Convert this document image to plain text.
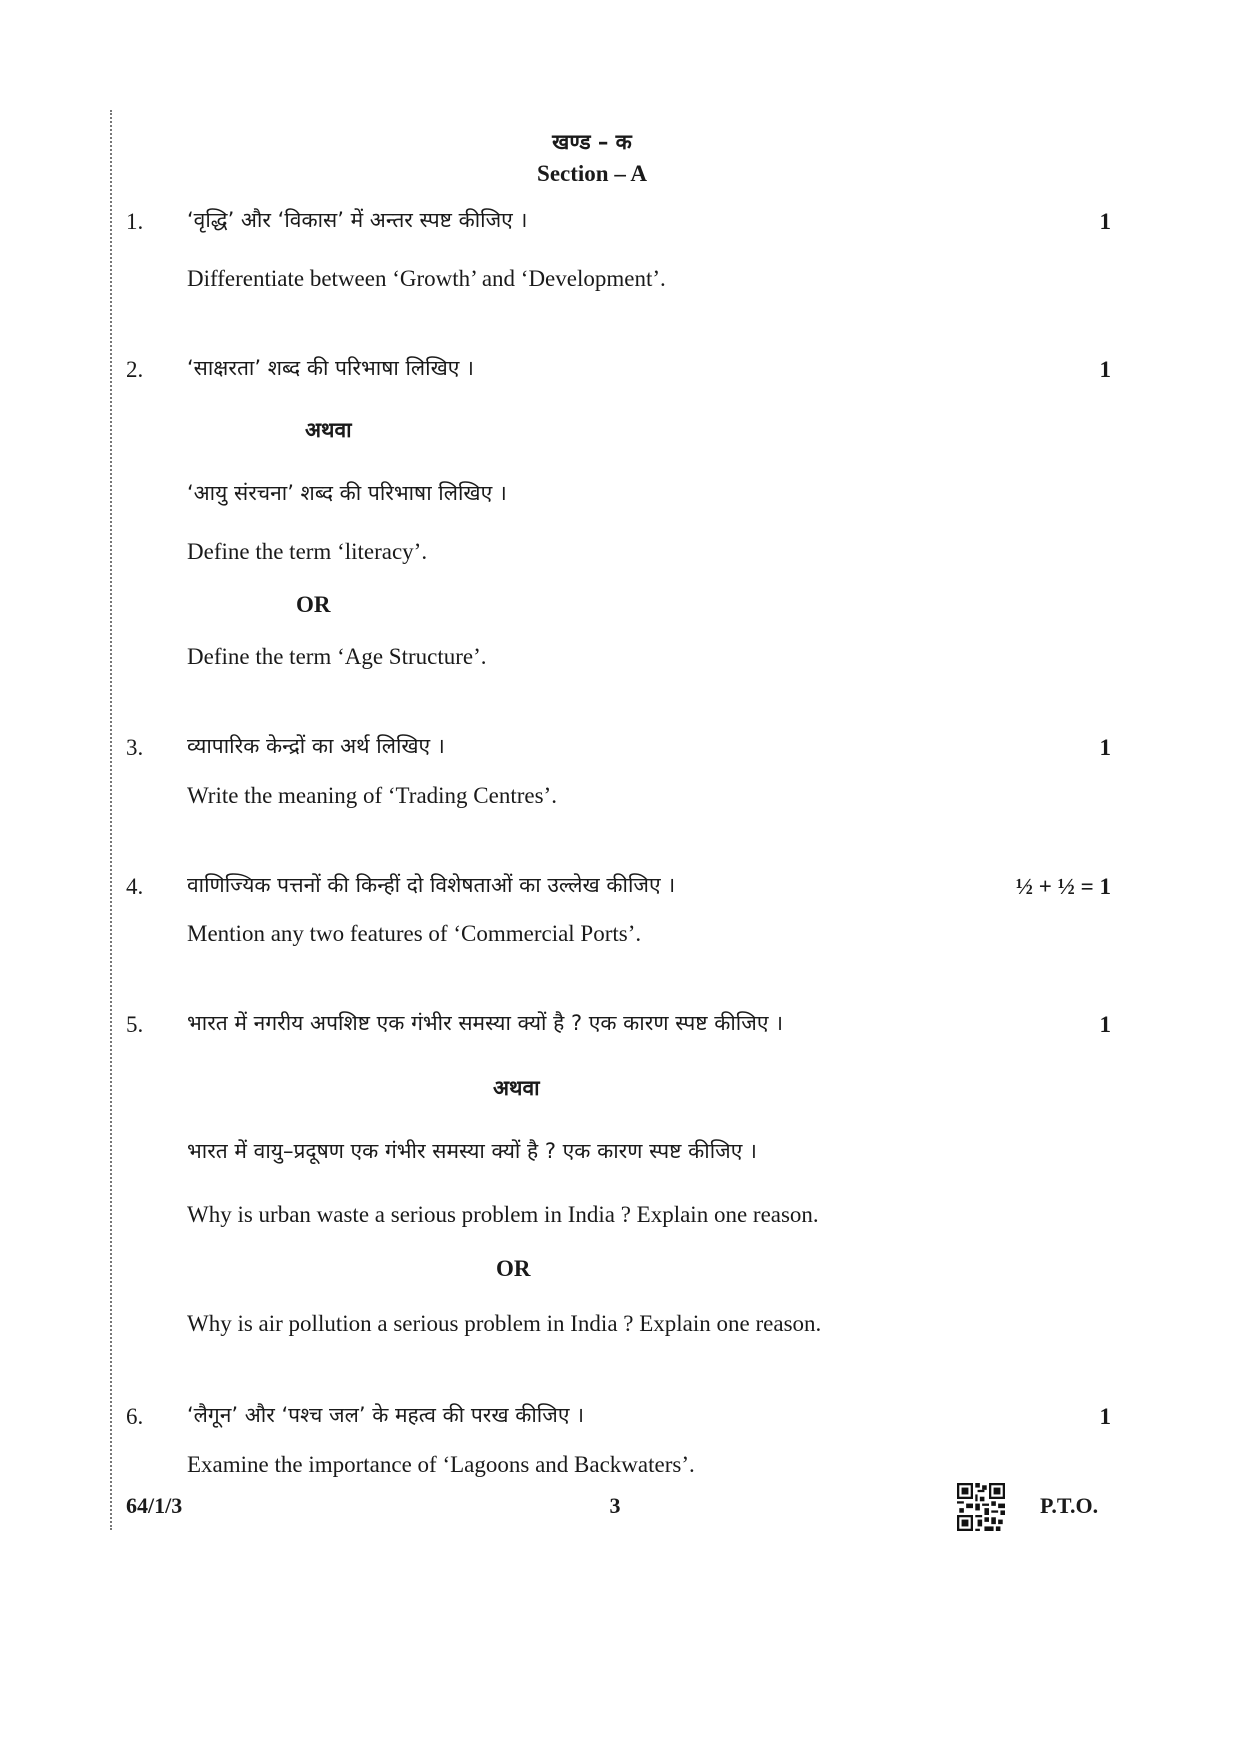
खण्ड – क
Section – A
1. ‘वृद्धि’ और ‘विकास’ में अन्तर स्पष्ट कीजिए ।	1
Differentiate between ‘Growth’ and ‘Development’.
2. ‘साक्षरता’ शब्द की परिभाषा लिखिए ।	1
अथवा
‘आयु संरचना’ शब्द की परिभाषा लिखिए ।
Define the term ‘literacy’.
OR
Define the term ‘Age Structure’.
3. व्यापारिक केन्द्रों का अर्थ लिखिए ।	1
Write the meaning of ‘Trading Centres’.
4. वाणिज्यिक पत्तनों की किन्हीं दो विशेषताओं का उल्लेख कीजिए ।	½ + ½ = 1
Mention any two features of ‘Commercial Ports’.
5. भारत में नगरीय अपशिष्ट एक गंभीर समस्या क्यों है ? एक कारण स्पष्ट कीजिए ।	1
अथवा
भारत में वायु–प्रदूषण एक गंभीर समस्या क्यों है ? एक कारण स्पष्ट कीजिए ।
Why is urban waste a serious problem in India ? Explain one reason.
OR
Why is air pollution a serious problem in India ? Explain one reason.
6. ‘लैगून’ और ‘पश्च जल’ के महत्व की परख कीजिए ।	1
Examine the importance of ‘Lagoons and Backwaters’.
64/1/3	3	P.T.O.
